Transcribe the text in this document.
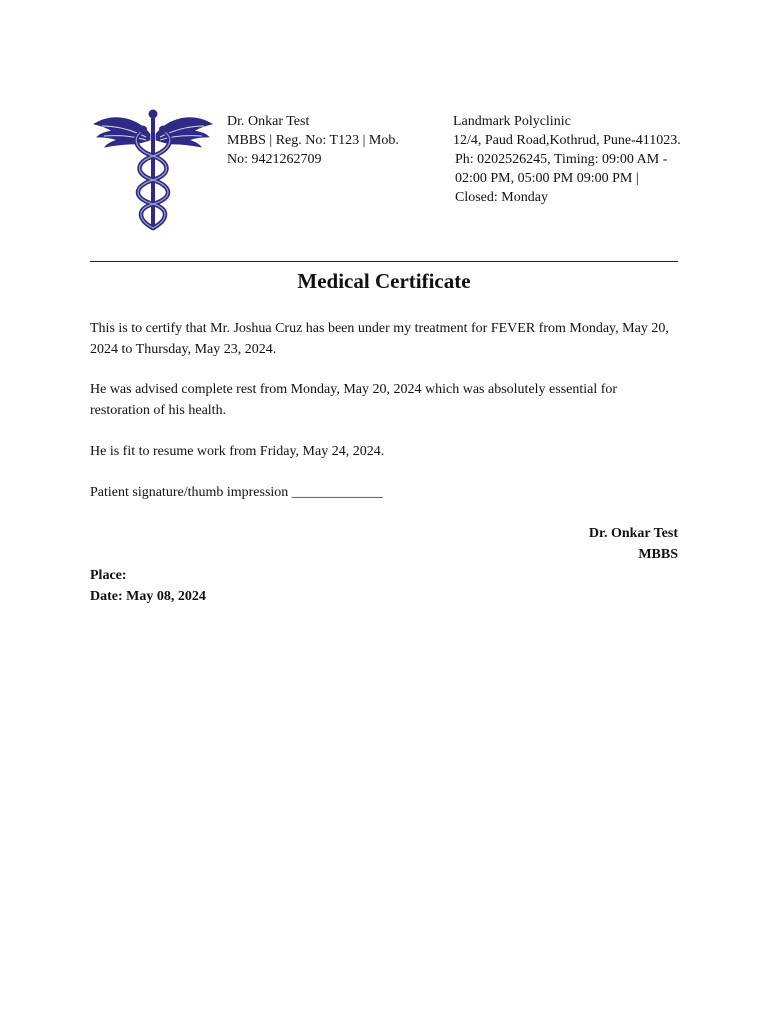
Dr. Onkar Test
MBBS | Reg. No: T123 | Mob.
No: 9421262709
Landmark Polyclinic
12/4, Paud Road,Kothrud, Pune-411023.
Ph: 0202526245, Timing: 09:00 AM -
02:00 PM, 05:00 PM 09:00 PM |
Closed: Monday
Medical Certificate
This is to certify that Mr. Joshua Cruz has been under my treatment for FEVER from Monday, May 20, 2024 to Thursday, May 23, 2024.
He was advised complete rest from Monday, May 20, 2024 which was absolutely essential for restoration of his health.
He is fit to resume work from Friday, May 24, 2024.
Patient signature/thumb impression _____________
Dr. Onkar Test
MBBS
Place:
Date: May 08, 2024
